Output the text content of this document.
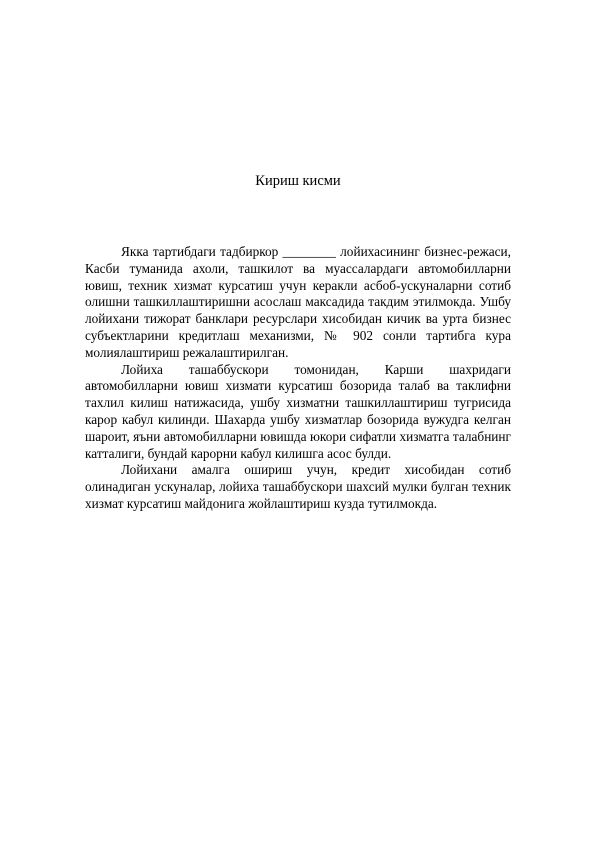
Кириш кисми

Якка тартибдаги тадбиркор ________ лойихасининг бизнес-режаси, Касби туманида ахоли, ташкилот ва муассалардаги автомобилларни ювиш, техник хизмат курсатиш учун керакли асбоб-ускуналарни сотиб олишни ташкиллаштиришни асослаш максадида такдим этилмокда. Ушбу лойихани тижорат банклари ресурслари хисобидан кичик ва урта бизнес субъектларини кредитлаш механизми, № 902 сонли тартибга кура молиялаштириш режалаштирилган.

Лойиха ташаббускори томонидан, Карши шахридаги автомобилларни ювиш хизмати курсатиш бозорида талаб ва таклифни тахлил килиш натижасида, ушбу хизматни ташкиллаштириш тугрисида карор кабул килинди. Шахарда ушбу хизматлар бозорида вужудга келган шароит, яъни автомобилларни ювишда юкори сифатли хизматга талабнинг катталиги, бундай карорни кабул килишга асос булди.

Лойихани амалга ошириш учун, кредит хисобидан сотиб олинадиган ускуналар, лойиха ташаббускори шахсий мулки булган техник хизмат курсатиш майдонига жойлаштириш кузда тутилмокда.
